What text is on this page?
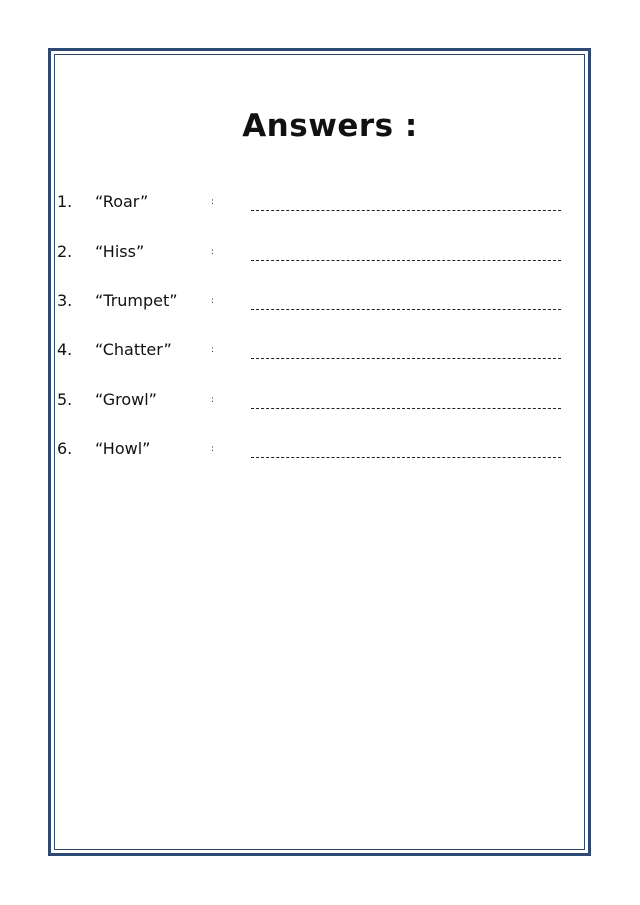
Answers :
1. “Roar”	:
2. “Hiss”	:
3. “Trumpet”	:
4. “Chatter”	:
5. “Growl”	:
6. “Howl”	:
